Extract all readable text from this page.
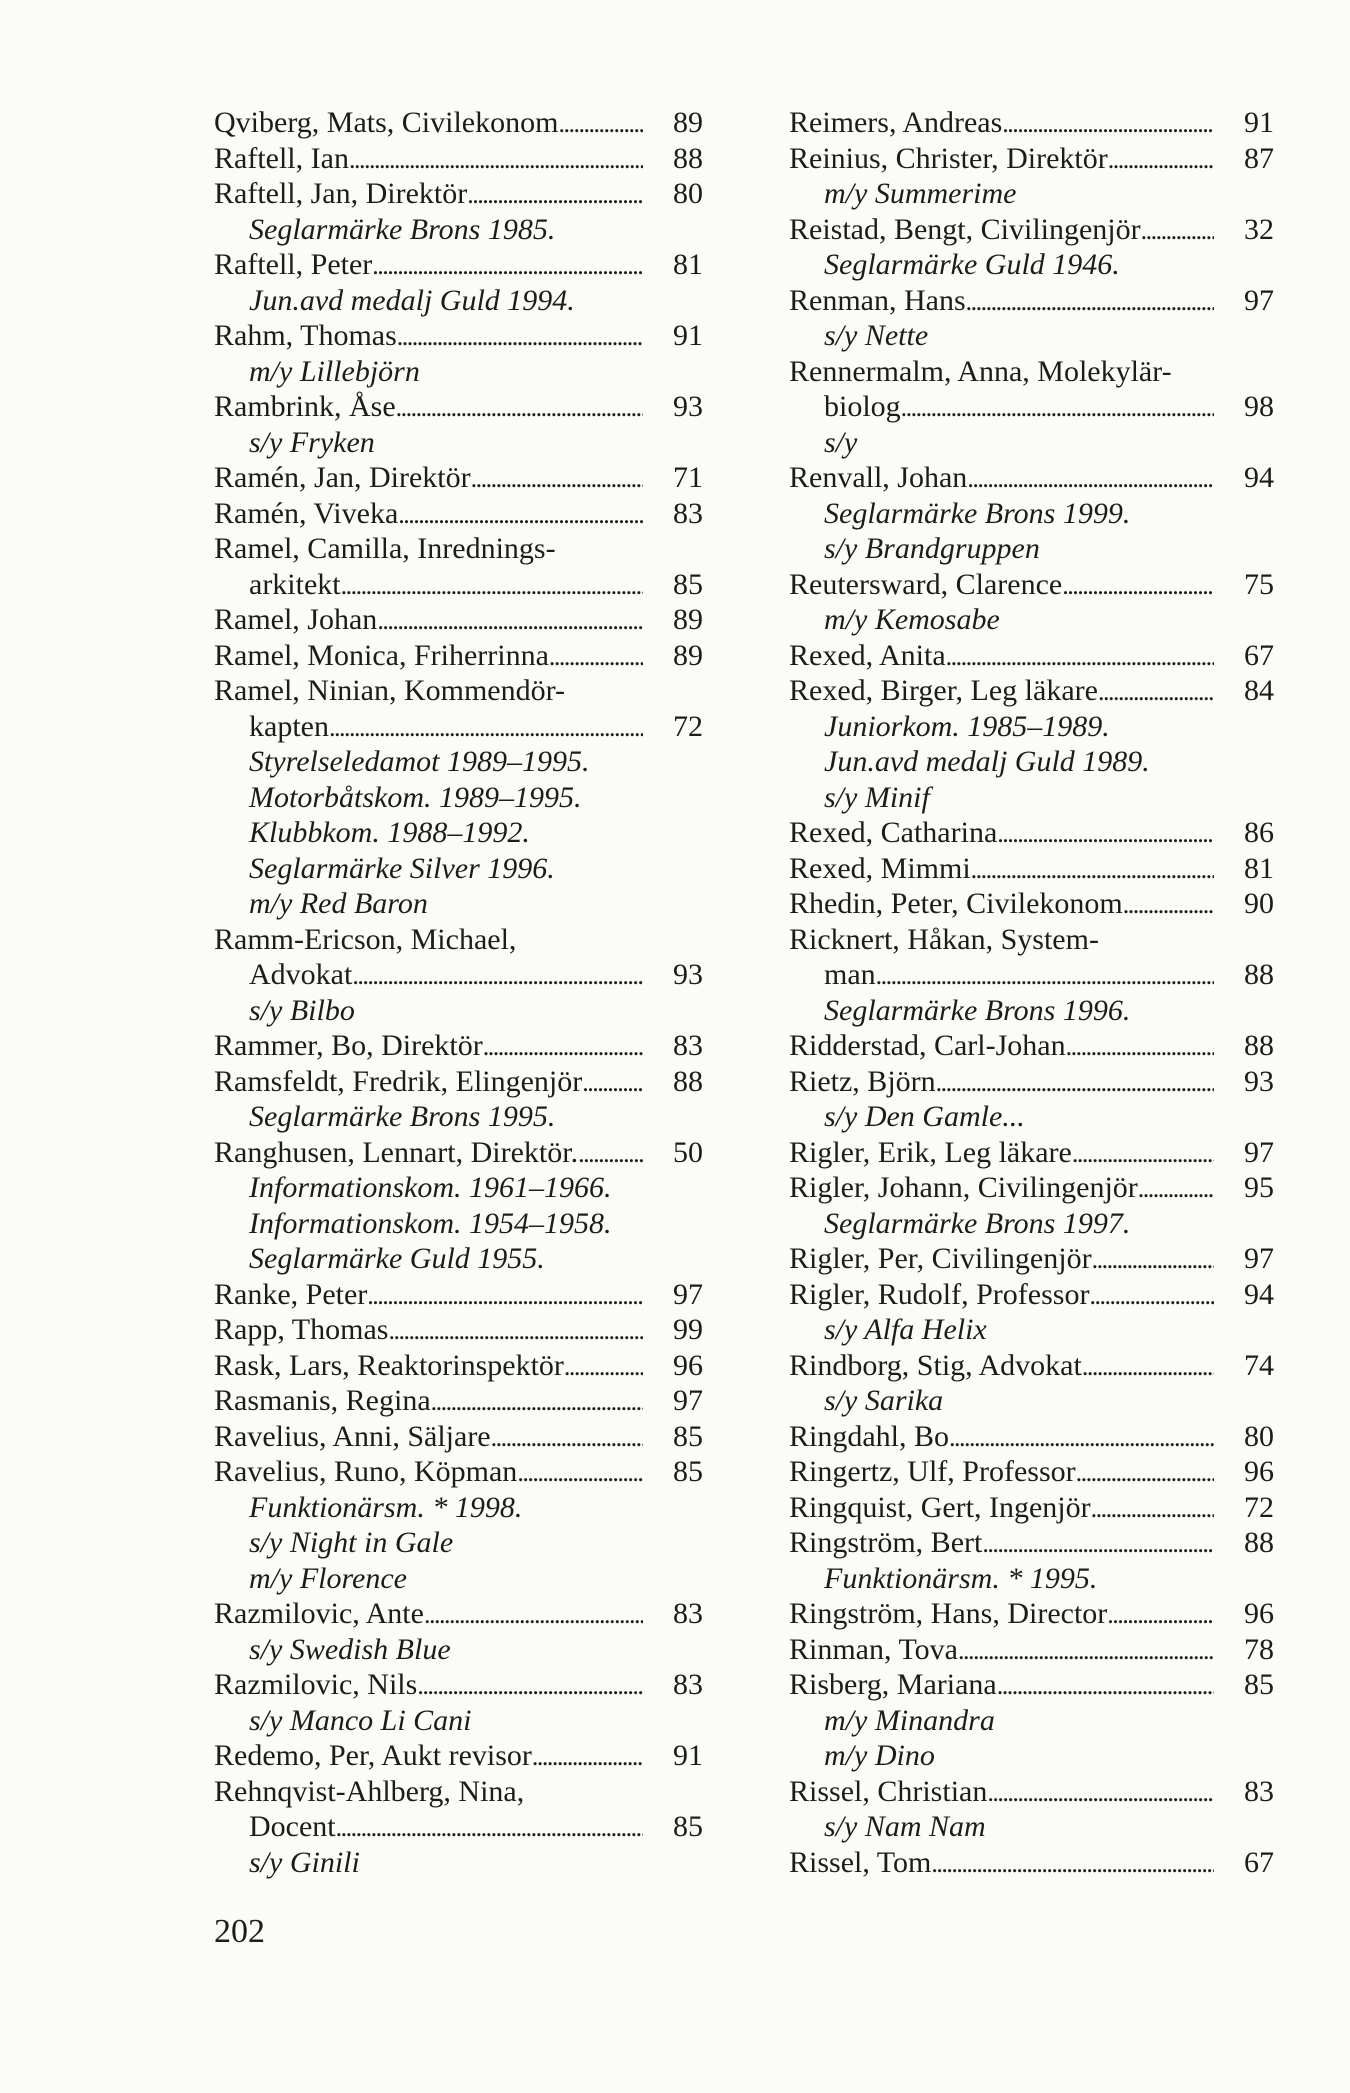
Qviberg, Mats, Civilekonom . . .	89
Raftell, Ian . . .	88
Raftell, Jan, Direktör . . .	80
Seglarmärke Brons 1985.
Raftell, Peter . . .	81
Jun.avd medalj Guld 1994.
Rahm, Thomas . . .	91
m/y Lillebjörn
Rambrink, Åse . . .	93
s/y Fryken
Ramén, Jan, Direktör . . .	71
Ramén, Viveka . . .	83
Ramel, Camilla, Inrednings-
arkitekt . . .	85
Ramel, Johan . . .	89
Ramel, Monica, Friherrinna . . .	89
Ramel, Ninian, Kommendör-
kapten . . .	72
Styrelseledamot 1989–1995.
Motorbåtskom. 1989–1995.
Klubbkom. 1988–1992.
Seglarmärke Silver 1996.
m/y Red Baron
Ramm-Ericson, Michael,
Advokat . . .	93
s/y Bilbo
Rammer, Bo, Direktör . . .	83
Ramsfeldt, Fredrik, Elingenjör . . .	88
Seglarmärke Brons 1995.
Ranghusen, Lennart, Direktör. . . .	50
Informationskom. 1961–1966.
Informationskom. 1954–1958.
Seglarmärke Guld 1955.
Ranke, Peter . . .	97
Rapp, Thomas . . .	99
Rask, Lars, Reaktorinspektör . . .	96
Rasmanis, Regina . . .	97
Ravelius, Anni, Säljare . . .	85
Ravelius, Runo, Köpman . . .	85
Funktionärsm. * 1998.
s/y Night in Gale
m/y Florence
Razmilovic, Ante . . .	83
s/y Swedish Blue
Razmilovic, Nils . . .	83
s/y Manco Li Cani
Redemo, Per, Aukt revisor . . .	91
Rehnqvist-Ahlberg, Nina,
Docent . . .	85
s/y Ginili
Reimers, Andreas . . .	91
Reinius, Christer, Direktör . . .	87
m/y Summerime
Reistad, Bengt, Civilingenjör . . .	32
Seglarmärke Guld 1946.
Renman, Hans . . .	97
s/y Nette
Rennermalm, Anna, Molekylär-
biolog . . .	98
s/y
Renvall, Johan . . .	94
Seglarmärke Brons 1999.
s/y Brandgruppen
Reutersward, Clarence . . .	75
m/y Kemosabe
Rexed, Anita . . .	67
Rexed, Birger, Leg läkare . . .	84
Juniorkom. 1985–1989.
Jun.avd medalj Guld 1989.
s/y Minif
Rexed, Catharina . . .	86
Rexed, Mimmi . . .	81
Rhedin, Peter, Civilekonom . . .	90
Ricknert, Håkan, System-
man . . .	88
Seglarmärke Brons 1996.
Ridderstad, Carl-Johan . . .	88
Rietz, Björn . . .	93
s/y Den Gamle...
Rigler, Erik, Leg läkare . . .	97
Rigler, Johann, Civilingenjör . . .	95
Seglarmärke Brons 1997.
Rigler, Per, Civilingenjör . . .	97
Rigler, Rudolf, Professor . . .	94
s/y Alfa Helix
Rindborg, Stig, Advokat . . .	74
s/y Sarika
Ringdahl, Bo . . .	80
Ringertz, Ulf, Professor . . .	96
Ringquist, Gert, Ingenjör . . .	72
Ringström, Bert . . .	88
Funktionärsm. * 1995.
Ringström, Hans, Director . . .	96
Rinman, Tova . . .	78
Risberg, Mariana . . .	85
m/y Minandra
m/y Dino
Rissel, Christian . . .	83
s/y Nam Nam
Rissel, Tom . . .	67
202
